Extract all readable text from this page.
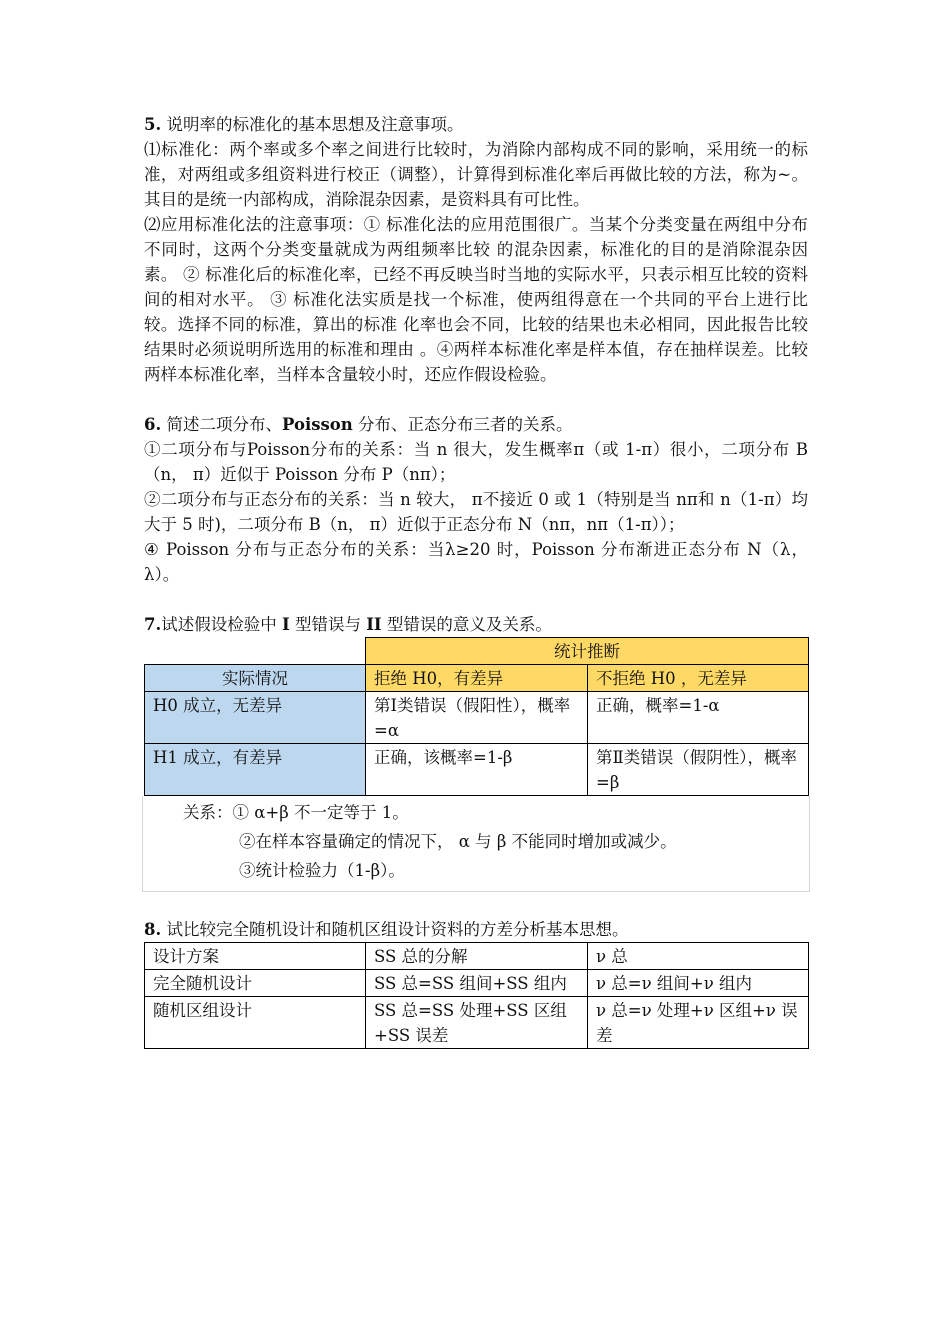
5. 说明率的标准化的基本思想及注意事项。

⑴标准化：两个率或多个率之间进行比较时，为消除内部构成不同的影响，采用统一的标准，对两组或多组资料进行校正（调整），计算得到标准化率后再做比较的方法，称为~。其目的是统一内部构成，消除混杂因素，是资料具有可比性。

⑵应用标准化法的注意事项：① 标准化法的应用范围很广。当某个分类变量在两组中分布不同时，这两个分类变量就成为两组频率比较 的混杂因素，标准化的目的是消除混杂因素。 ② 标准化后的标准化率，已经不再反映当时当地的实际水平，只表示相互比较的资料间的相对水平。 ③ 标准化法实质是找一个标准，使两组得意在一个共同的平台上进行比较。选择不同的标准，算出的标准 化率也会不同，比较的结果也未必相同，因此报告比较结果时必须说明所选用的标准和理由 。④两样本标准化率是样本值，存在抽样误差。比较两样本标准化率，当样本含量较小时，还应作假设检验。

6. 简述二项分布、Poisson 分布、正态分布三者的关系。

①二项分布与Poisson分布的关系：当 n 很大，发生概率π（或 1-π）很小，二项分布 B（n， π）近似于 Poisson 分布 P（nπ）；

②二项分布与正态分布的关系：当 n 较大， π不接近 0 或 1（特别是当 nπ和 n（1-π）均大于 5 时)，二项分布 B（n， π）近似于正态分布 N（nπ，nπ（1-π））；

④ Poisson 分布与正态分布的关系：当λ≥20 时，Poisson 分布渐进正态分布 N（λ， λ）。

7.试述假设检验中 I 型错误与 II 型错误的意义及关系。

	统计推断	
实际情况	拒绝 H0，有差异	不拒绝 H0 ，无差异
H0 成立，无差异	第Ⅰ类错误（假阳性），概率=α	正确，概率=1-α
H1 成立，有差异	正确，该概率=1-β	第Ⅱ类错误（假阴性），概率=β
关系：① α+β 不一定等于 1。
②在样本容量确定的情况下， α 与 β 不能同时增加或减少。
③统计检验力（1-β）。

8. 试比较完全随机设计和随机区组设计资料的方差分析基本思想。

设计方案	SS 总的分解	ν 总
完全随机设计	SS 总=SS 组间+SS 组内	ν 总=ν 组间+ν 组内
随机区组设计	SS 总=SS 处理+SS 区组+SS 误差	ν 总=ν 处理+ν 区组+ν 误差
